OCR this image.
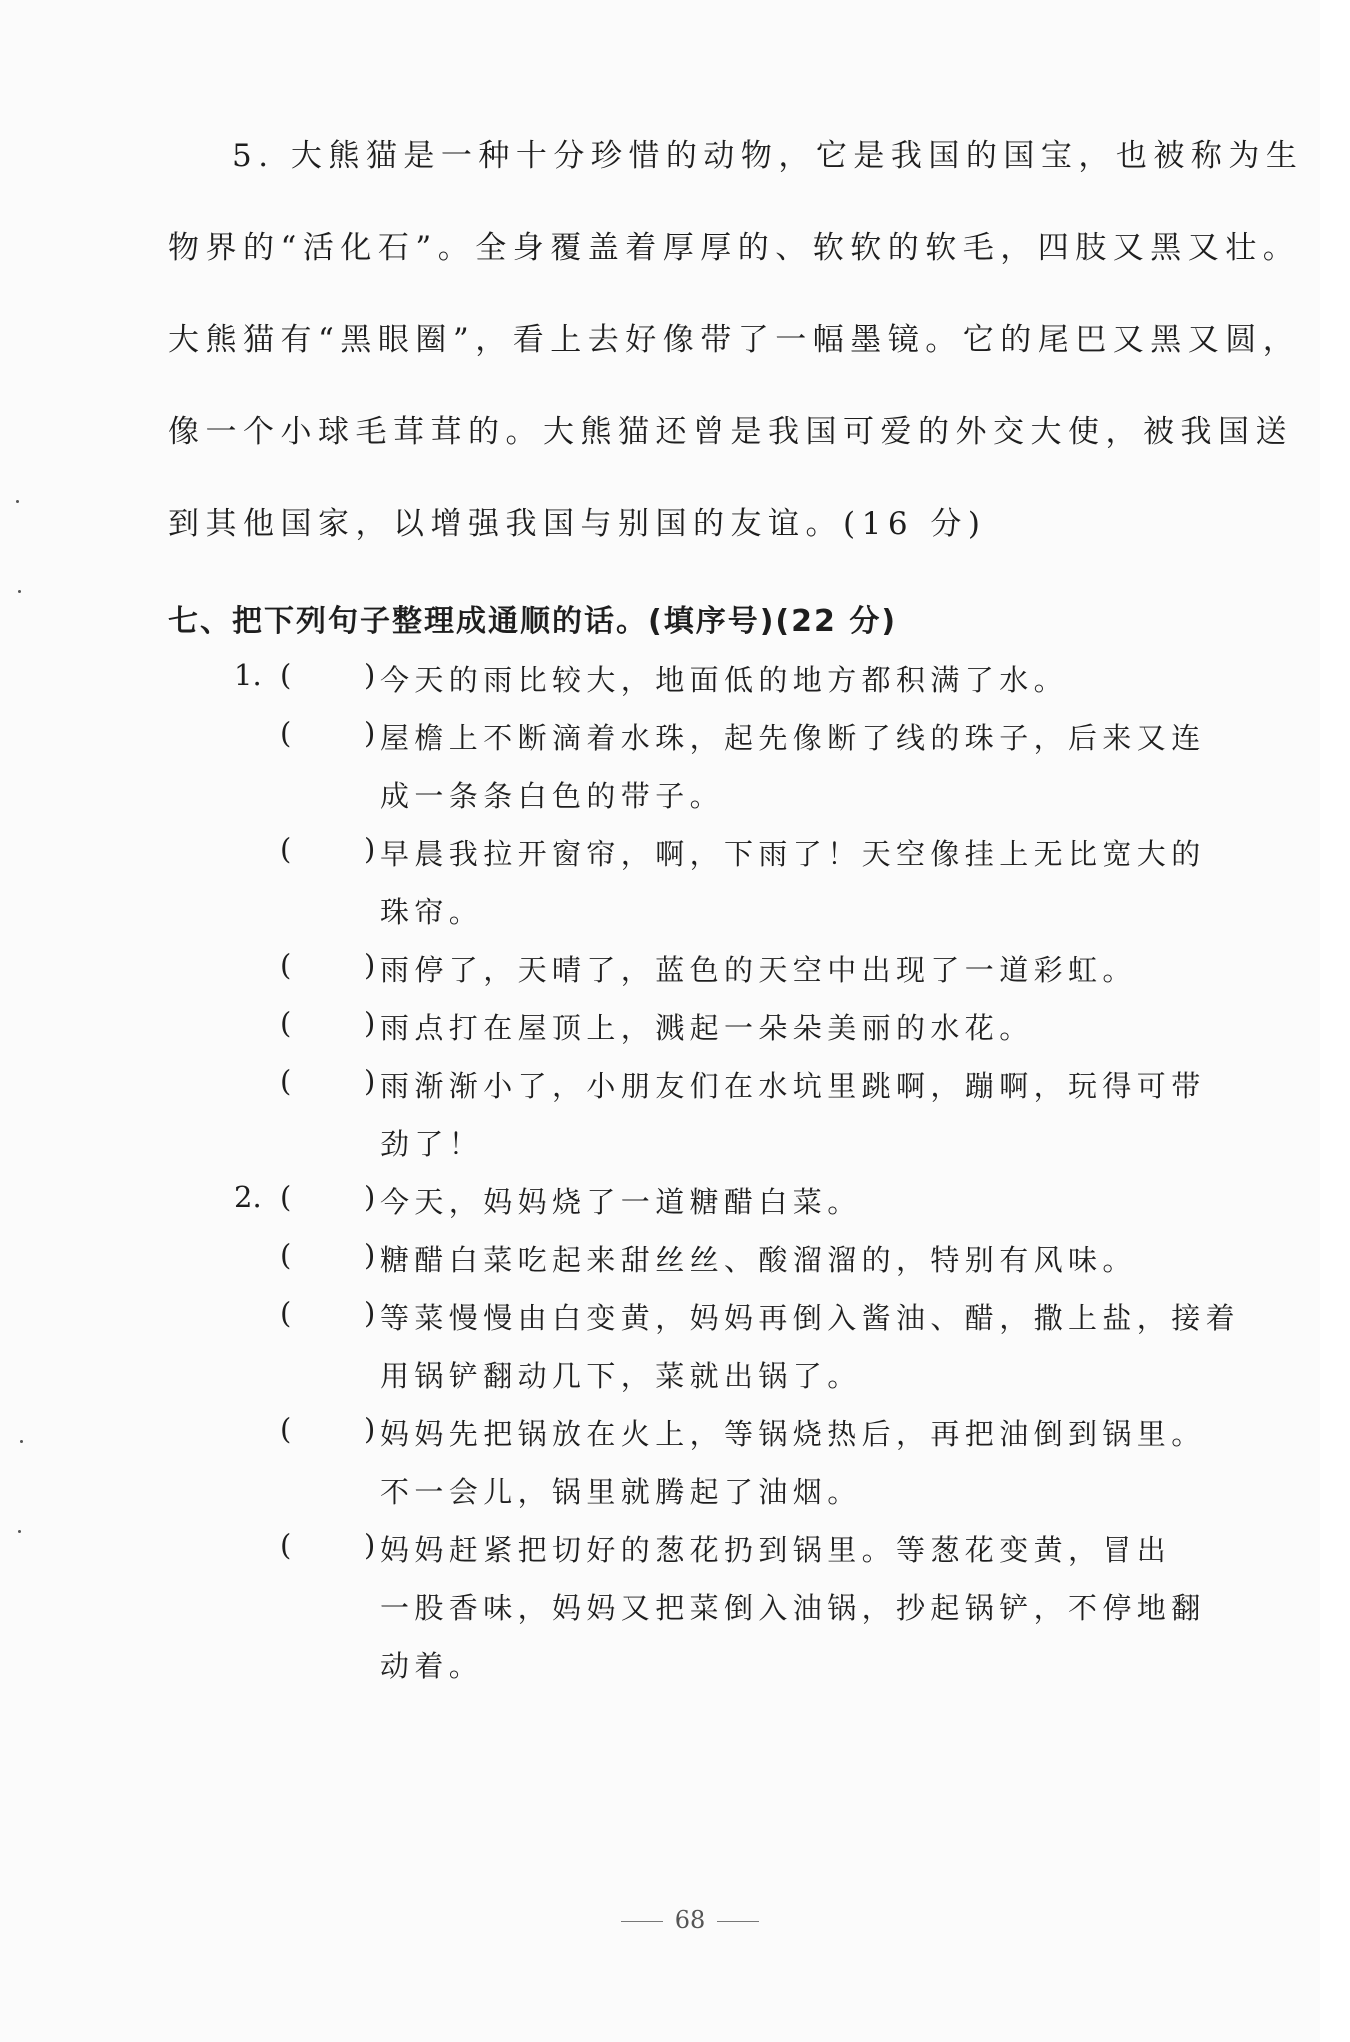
5. 大熊猫是一种十分珍惜的动物，它是我国的国宝，也被称为生
物界的“活化石”。全身覆盖着厚厚的、软软的软毛，四肢又黑又壮。
大熊猫有“黑眼圈”，看上去好像带了一幅墨镜。它的尾巴又黑又圆，
像一个小球毛茸茸的。大熊猫还曾是我国可爱的外交大使，被我国送
到其他国家，以增强我国与别国的友谊。(16 分)
七、把下列句子整理成通顺的话。(填序号)(22 分)
1. (	) 今天的雨比较大，地面低的地方都积满了水。
(	) 屋檐上不断滴着水珠，起先像断了线的珠子，后来又连
成一条条白色的带子。
(	) 早晨我拉开窗帘，啊，下雨了！天空像挂上无比宽大的
珠帘。
(	) 雨停了，天晴了，蓝色的天空中出现了一道彩虹。
(	) 雨点打在屋顶上，溅起一朵朵美丽的水花。
(	) 雨渐渐小了，小朋友们在水坑里跳啊，蹦啊，玩得可带
劲了！
2. (	) 今天，妈妈烧了一道糖醋白菜。
(	) 糖醋白菜吃起来甜丝丝、酸溜溜的，特别有风味。
(	) 等菜慢慢由白变黄，妈妈再倒入酱油、醋，撒上盐，接着
用锅铲翻动几下，菜就出锅了。
(	) 妈妈先把锅放在火上，等锅烧热后，再把油倒到锅里。
不一会儿，锅里就腾起了油烟。
(	) 妈妈赶紧把切好的葱花扔到锅里。等葱花变黄，冒出
一股香味，妈妈又把菜倒入油锅，抄起锅铲，不停地翻
动着。
68
